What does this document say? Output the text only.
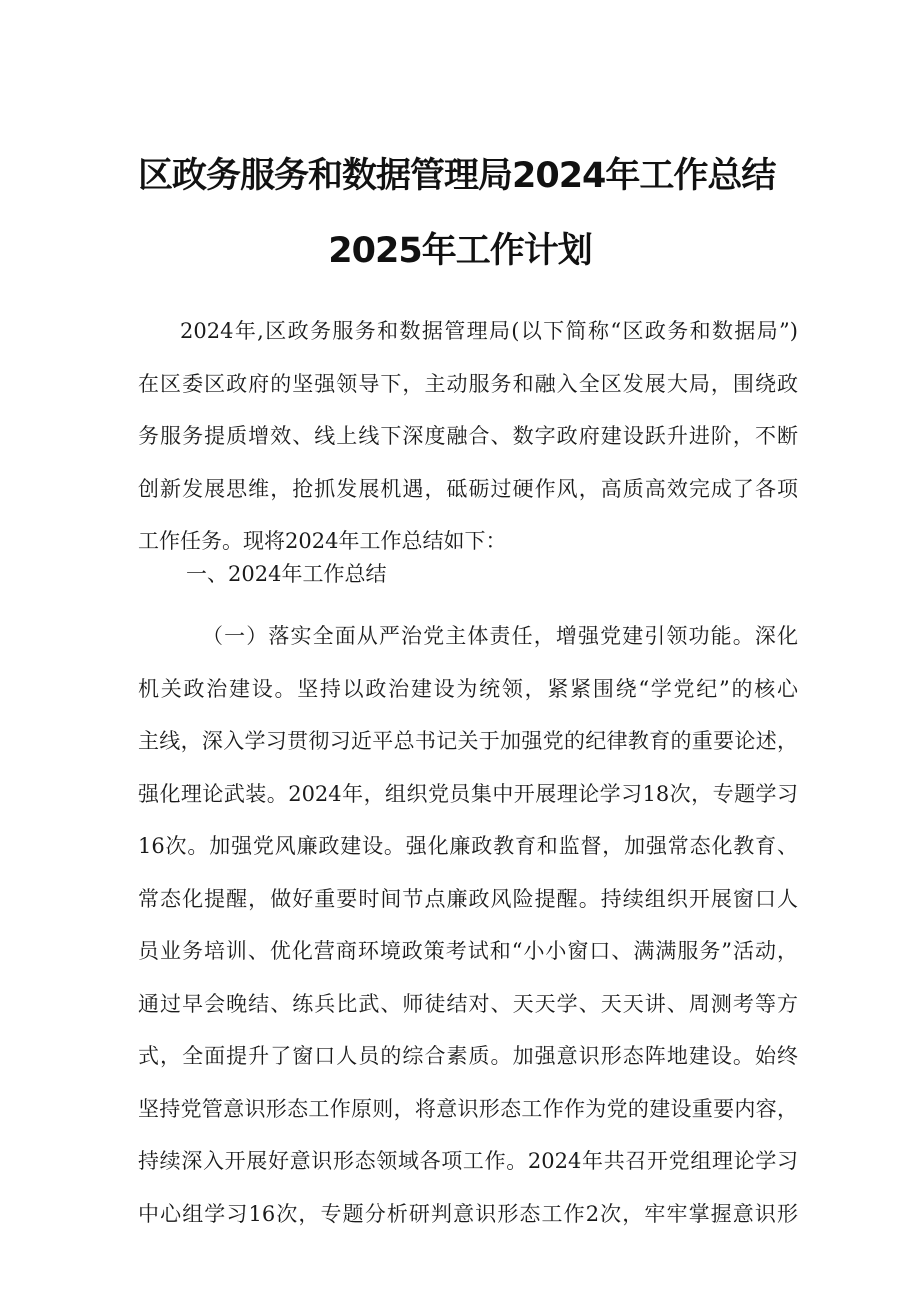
区政务服务和数据管理局2024年工作总结
2025年工作计划
2024年,区政务服务和数据管理局(以下简称“区政务和数据局”)
在区委区政府的坚强领导下，主动服务和融入全区发展大局，围绕政
务服务提质增效、线上线下深度融合、数字政府建设跃升进阶，不断
创新发展思维，抢抓发展机遇，砥砺过硬作风，高质高效完成了各项
工作任务。现将2024年工作总结如下：
一、2024年工作总结
（一）落实全面从严治党主体责任，增强党建引领功能。深化
机关政治建设。坚持以政治建设为统领，紧紧围绕“学党纪”的核心
主线，深入学习贯彻习近平总书记关于加强党的纪律教育的重要论述，
强化理论武装。2024年，组织党员集中开展理论学习18次，专题学习
16次。加强党风廉政建设。强化廉政教育和监督，加强常态化教育、
常态化提醒，做好重要时间节点廉政风险提醒。持续组织开展窗口人
员业务培训、优化营商环境政策考试和“小小窗口、满满服务”活动，
通过早会晚结、练兵比武、师徒结对、天天学、天天讲、周测考等方
式，全面提升了窗口人员的综合素质。加强意识形态阵地建设。始终
坚持党管意识形态工作原则，将意识形态工作作为党的建设重要内容，
持续深入开展好意识形态领域各项工作。2024年共召开党组理论学习
中心组学习16次，专题分析研判意识形态工作2次，牢牢掌握意识形
